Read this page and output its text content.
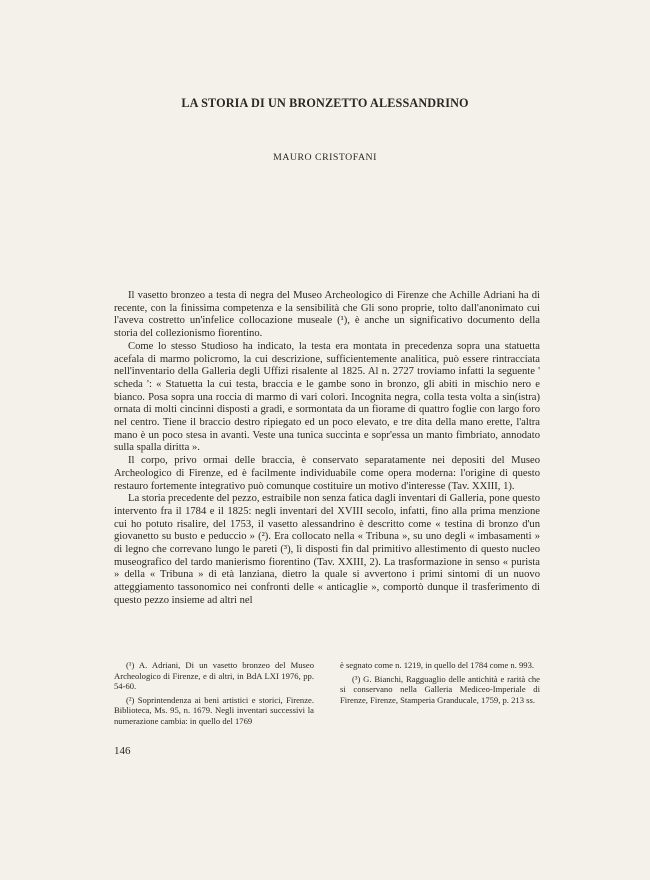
LA STORIA DI UN BRONZETTO ALESSANDRINO
MAURO CRISTOFANI

Il vasetto bronzeo a testa di negra del Museo Archeologico di Firenze che Achille Adriani ha di recente, con la finissima competenza e la sensibilità che Gli sono proprie, tolto dall'anonimato cui l'aveva costretto un'infelice collocazione museale (¹), è anche un significativo documento della storia del collezionismo fiorentino.

Come lo stesso Studioso ha indicato, la testa era montata in precedenza sopra una statuetta acefala di marmo policromo, la cui descrizione, sufficientemente analitica, può essere rintracciata nell'inventario della Galleria degli Uffizi risalente al 1825. Al n. 2727 troviamo infatti la seguente ' scheda ': « Statuetta la cui testa, braccia e le gambe sono in bronzo, gli abiti in mischio nero e bianco. Posa sopra una roccia di marmo di vari colori. Incognita negra, colla testa volta a sin(istra) ornata di molti cincinni disposti a gradi, e sormontata da un fiorame di quattro foglie con largo foro nel centro. Tiene il braccio destro ripiegato ed un poco elevato, e tre dita della mano erette, l'altra mano è un poco stesa in avanti. Veste una tunica succinta e sopr'essa un manto fimbriato, annodato sulla spalla diritta ».

Il corpo, privo ormai delle braccia, è conservato separatamente nei depositi del Museo Archeologico di Firenze, ed è facilmente individuabile come opera moderna: l'origine di questo restauro fortemente integrativo può comunque costituire un motivo d'interesse (Tav. XXIII, 1).

La storia precedente del pezzo, estraibile non senza fatica dagli inventari di Galleria, pone questo intervento fra il 1784 e il 1825: negli inventari del XVIII secolo, infatti, fino alla prima menzione cui ho potuto risalire, del 1753, il vasetto alessandrino è descritto come « testina di bronzo d'un giovanetto su busto e peduccio » (²). Era collocato nella « Tribuna », su uno degli « imbasamenti » di legno che correvano lungo le pareti (³), lì disposti fin dal primitivo allestimento di questo nucleo museografico del tardo manierismo fiorentino (Tav. XXIII, 2). La trasformazione in senso « purista » della « Tribuna » di età lanziana, dietro la quale si avvertono i primi sintomi di un nuovo atteggiamento tassonomico nei confronti delle « anticaglie », comportò dunque il trasferimento di questo pezzo insieme ad altri nel

(¹) A. Adriani, Di un vasetto bronzeo del Museo Archeologico di Firenze, e di altri, in BdA LXI 1976, pp. 54-60.

(²) Soprintendenza ai beni artistici e storici, Firenze. Biblioteca, Ms. 95, n. 1679. Negli inventari successivi la numerazione cambia: in quello del 1769

è segnato come n. 1219, in quello del 1784 come n. 993.

(³) G. Bianchi, Ragguaglio delle antichità e rarità che si conservano nella Galleria Mediceo-Imperiale di Firenze, Firenze, Stamperia Granducale, 1759, p. 213 ss.

146
